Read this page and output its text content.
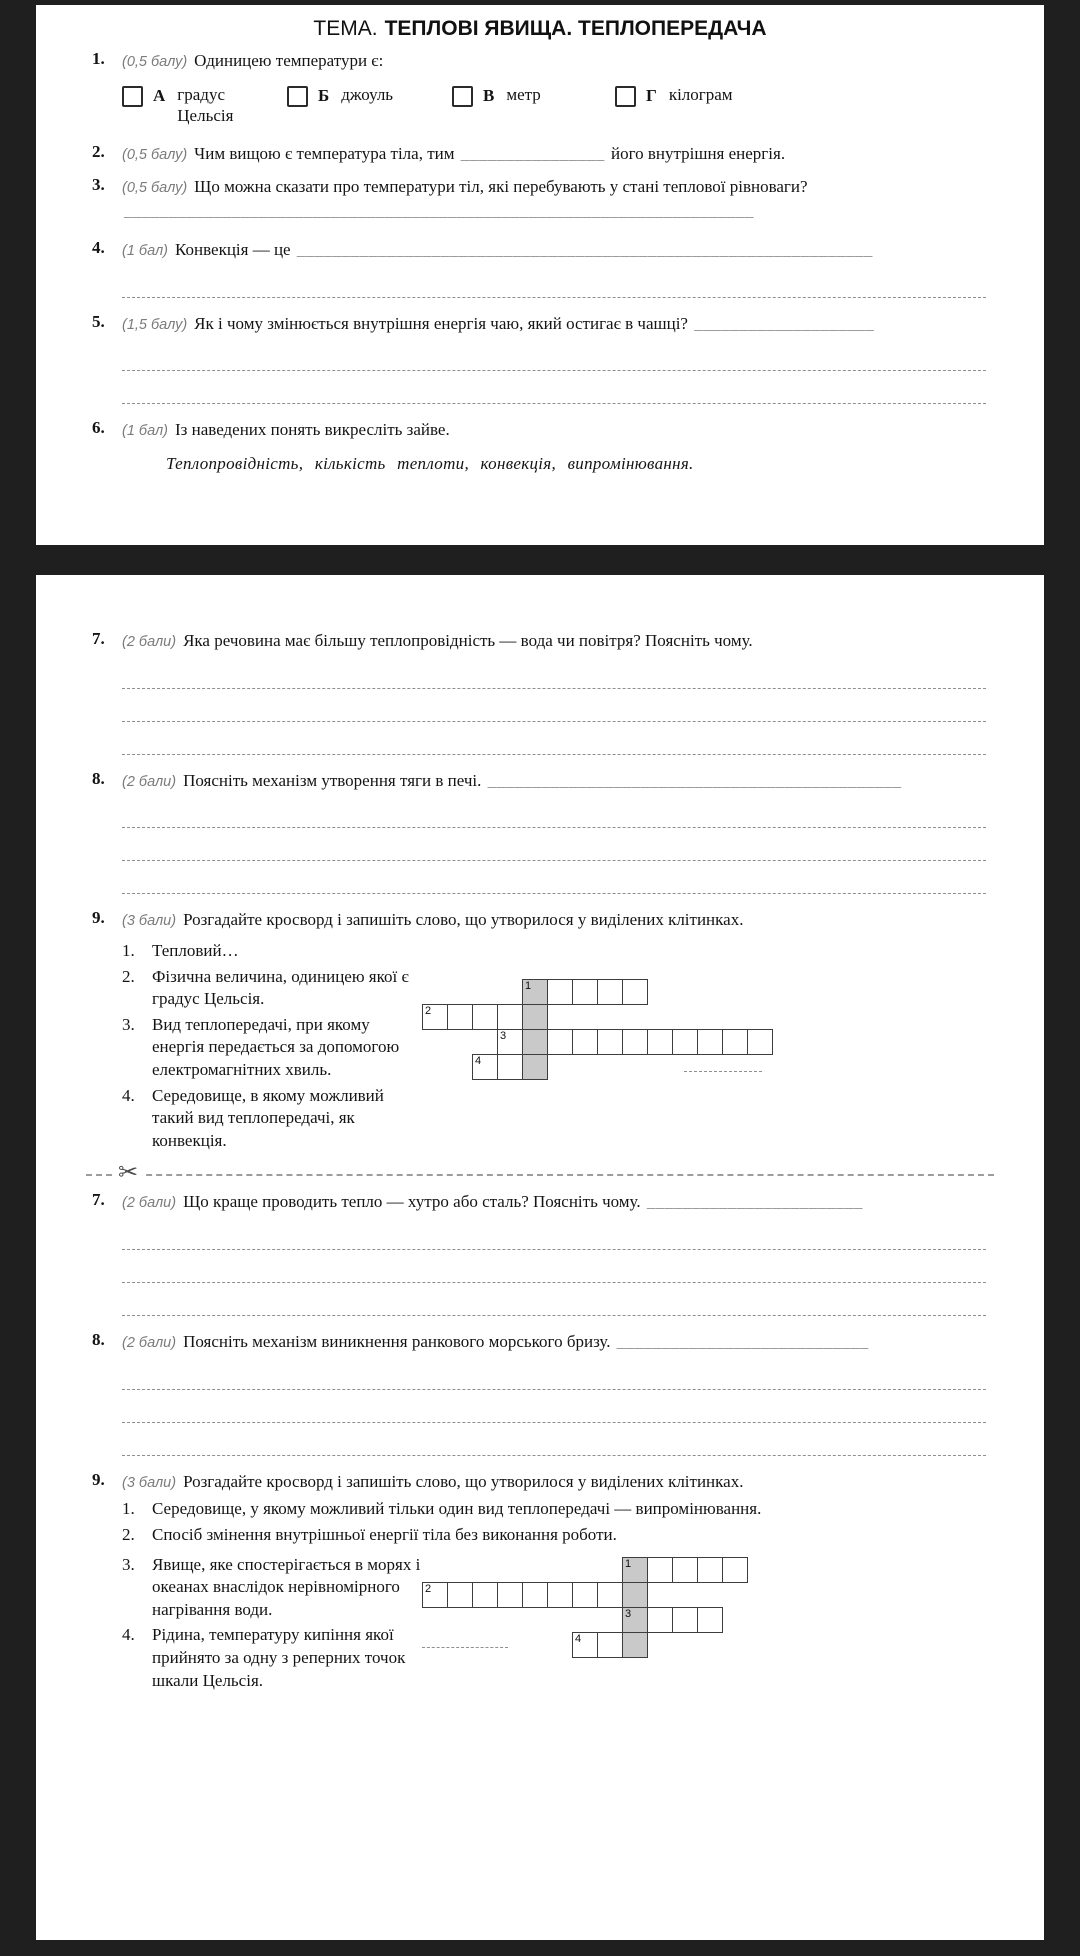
ТЕМА. ТЕПЛОВІ ЯВИЩА. ТЕПЛОПЕРЕДАЧА
1.	(0,5 балу) Одиницею температури є:
А градус Цельсія
Б джоуль	В метр	Г кілограм
2.	(0,5 балу) Чим вищою є температура тіла, тим ________________ його внутрішня енергія.
3.	(0,5 балу) Що можна сказати про температури тіл, які перебувають у стані теплової рівноваги? ______________________________________________________________________
4.	(1 бал) Конвекція — це ________________________________________________________________
5.	(1,5 балу) Як і чому змінюється внутрішня енергія чаю, який остигає в чашці? ____________________
6.	(1 бал) Із наведених понять викресліть зайве.
Теплопровідність, кількість теплоти, конвекція, випромінювання.
7.	(2 бали) Яка речовина має більшу теплопровідність — вода чи повітря? Поясніть чому.
8.	(2 бали) Поясніть механізм утворення тяги в печі. ______________________________________________
9.	(3 бали) Розгадайте кросворд і запишіть слово, що утворилося у виділених клітинках.
1.	Тепловий…
2.	Фізична величина, одиницею якої є градус Цельсія.
3.	Вид теплопередачі, при якому енергія передається за допомогою електромагнітних хвиль.
4.	Середовище, в якому можливий такий вид теплопередачі, як конвекція.
1
2
3
4
✂
7.	(2 бали) Що краще проводить тепло — хутро або сталь? Поясніть чому. ________________________
8.	(2 бали) Поясніть механізм виникнення ранкового морського бризу. ____________________________
9.	(3 бали) Розгадайте кросворд і запишіть слово, що утворилося у виділених клітинках.
1.	Середовище, у якому можливий тільки один вид теплопередачі — випромінювання.
2.	Спосіб змінення внутрішньої енергії тіла без виконання роботи.
3.	Явище, яке спостерігається в морях і океанах внаслідок нерівномірного нагрівання води.
4.	Рідина, температуру кипіння якої прийнято за одну з реперних точок шкали Цельсія.
1
2
3
4
